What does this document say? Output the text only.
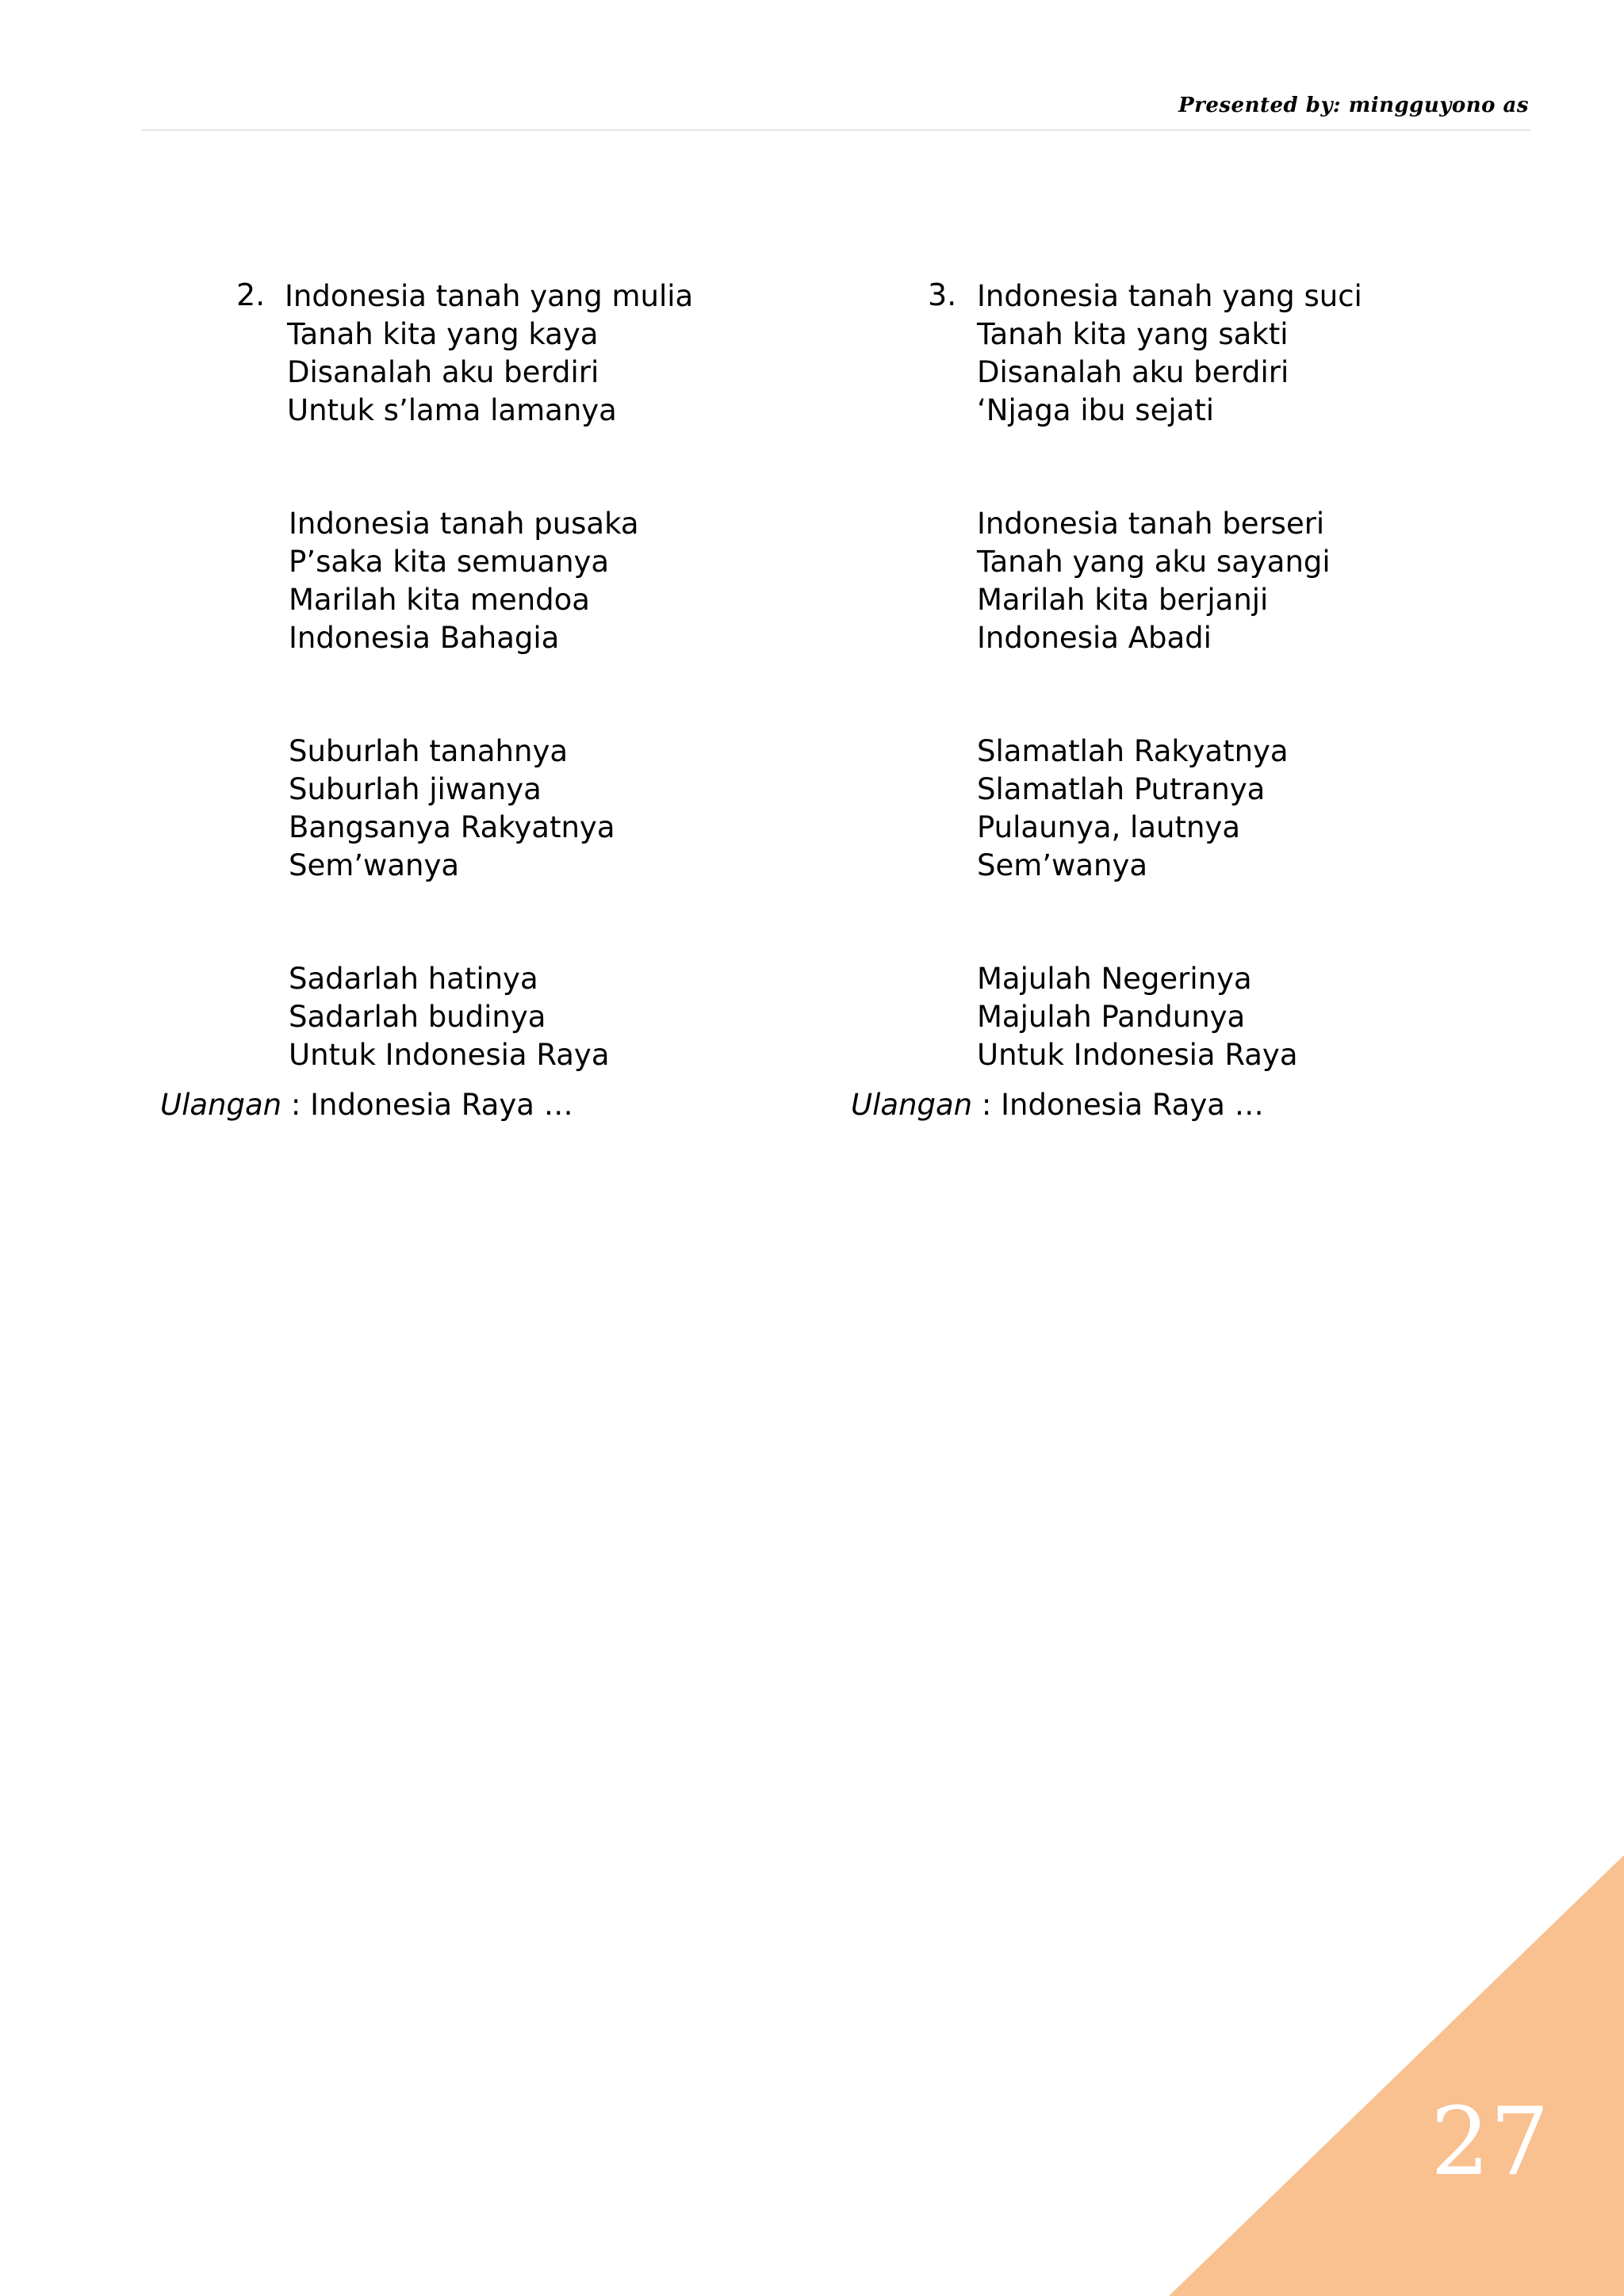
Presented by: mingguyono as
2. Indonesia tanah yang mulia
Tanah kita yang kaya
Disanalah aku berdiri
Untuk s’lama lamanya
Indonesia tanah pusaka
P’saka kita semuanya
Marilah kita mendoa
Indonesia Bahagia
Suburlah tanahnya
Suburlah jiwanya
Bangsanya Rakyatnya
Sem’wanya
Sadarlah hatinya
Sadarlah budinya
Untuk Indonesia Raya
Ulangan : Indonesia Raya …
3. Indonesia tanah yang suci
Tanah kita yang sakti
Disanalah aku berdiri
‘Njaga ibu sejati
Indonesia tanah berseri
Tanah yang aku sayangi
Marilah kita berjanji
Indonesia Abadi
Slamatlah Rakyatnya
Slamatlah Putranya
Pulaunya, lautnya
Sem’wanya
Majulah Negerinya
Majulah Pandunya
Untuk Indonesia Raya
Ulangan : Indonesia Raya …
27
